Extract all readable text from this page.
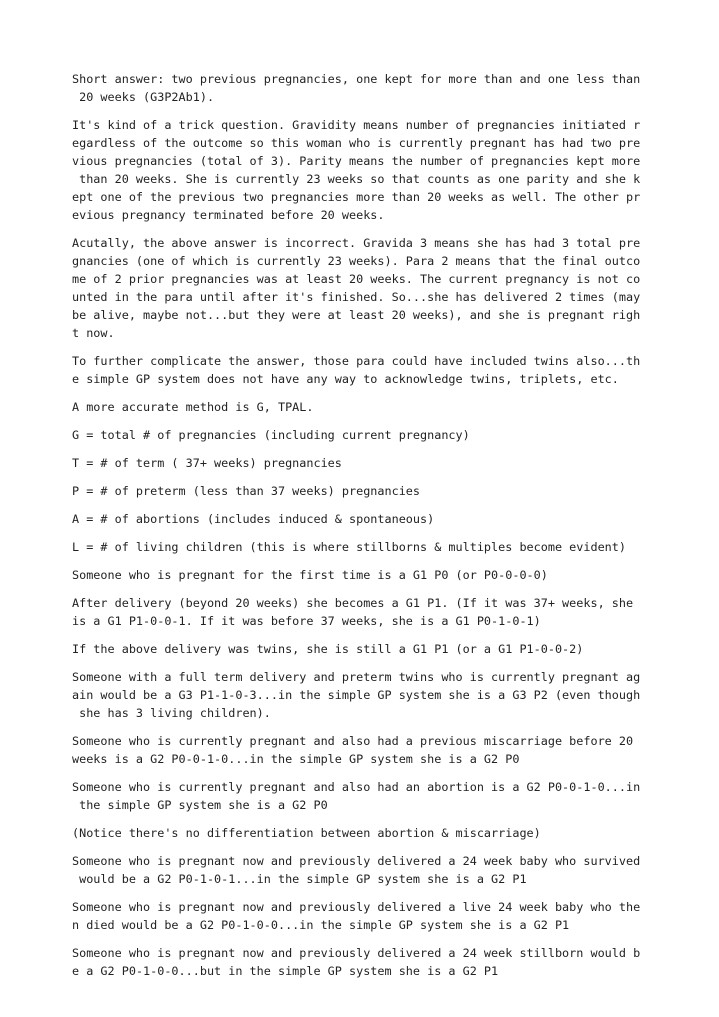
Short answer: two previous pregnancies, one kept for more than and one less than
20 weeks (G3P2Ab1).

It's kind of a trick question. Gravidity means number of pregnancies initiated r
egardless of the outcome so this woman who is currently pregnant has had two pre
vious pregnancies (total of 3). Parity means the number of pregnancies kept more
than 20 weeks. She is currently 23 weeks so that counts as one parity and she k
ept one of the previous two pregnancies more than 20 weeks as well. The other pr
evious pregnancy terminated before 20 weeks.

Acutally, the above answer is incorrect. Gravida 3 means she has had 3 total pre
gnancies (one of which is currently 23 weeks). Para 2 means that the final outco
me of 2 prior pregnancies was at least 20 weeks. The current pregnancy is not co
unted in the para until after it's finished. So...she has delivered 2 times (may
be alive, maybe not...but they were at least 20 weeks), and she is pregnant righ
t now.

To further complicate the answer, those para could have included twins also...th
e simple GP system does not have any way to acknowledge twins, triplets, etc.

A more accurate method is G, TPAL.

G = total # of pregnancies (including current pregnancy)

T = # of term ( 37+ weeks) pregnancies

P = # of preterm (less than 37 weeks) pregnancies

A = # of abortions (includes induced & spontaneous)

L = # of living children (this is where stillborns & multiples become evident)

Someone who is pregnant for the first time is a G1 P0 (or P0-0-0-0)

After delivery (beyond 20 weeks) she becomes a G1 P1. (If it was 37+ weeks, she
is a G1 P1-0-0-1. If it was before 37 weeks, she is a G1 P0-1-0-1)

If the above delivery was twins, she is still a G1 P1 (or a G1 P1-0-0-2)

Someone with a full term delivery and preterm twins who is currently pregnant ag
ain would be a G3 P1-1-0-3...in the simple GP system she is a G3 P2 (even though
she has 3 living children).

Someone who is currently pregnant and also had a previous miscarriage before 20
weeks is a G2 P0-0-1-0...in the simple GP system she is a G2 P0

Someone who is currently pregnant and also had an abortion is a G2 P0-0-1-0...in
the simple GP system she is a G2 P0

(Notice there's no differentiation between abortion & miscarriage)

Someone who is pregnant now and previously delivered a 24 week baby who survived
would be a G2 P0-1-0-1...in the simple GP system she is a G2 P1

Someone who is pregnant now and previously delivered a live 24 week baby who the
n died would be a G2 P0-1-0-0...in the simple GP system she is a G2 P1

Someone who is pregnant now and previously delivered a 24 week stillborn would b
e a G2 P0-1-0-0...but in the simple GP system she is a G2 P1
